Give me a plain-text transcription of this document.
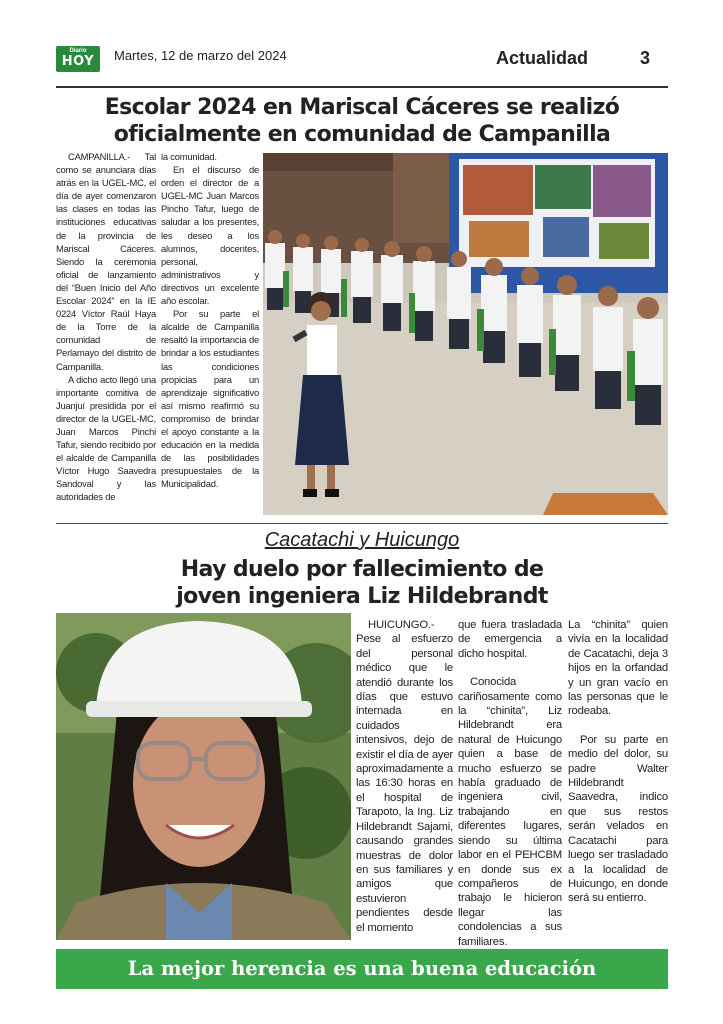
Diario
HOY	Martes, 12 de marzo del 2024	Actualidad	3
Escolar 2024 en Mariscal Cáceres se realizó
oficialmente en comunidad de Campanilla

CAMPANILLA.- Tal como se anunciara días atrás en la UGEL-MC, el día de ayer comenzaron las clases en todas las instituciones educativas de la provincia de Mariscal Cáceres. Siendo la ceremonia oficial de lanzamiento del “Buen Inicio del Año Escolar 2024” en la IE 0224 Víctor Raúl Haya de la Torre de la comunidad de Perlamayo del distrito de Campanilla.

A dicho acto llegó una importante comitiva de Juanjuí presidida por el director de la UGEL-MC, Juan Marcos Pinchi Tafur, siendo recibido por el alcalde de Campanilla Víctor Hugo Saavedra Sandoval y las autoridades de

la comunidad.

En el discurso de orden el director de a UGEL-MC Juan Marcos Pincho Tafur, luego de saludar a los presentes, les deseo a los alumnos, docentes, personal, administrativos y directivos un excelente año escolar.

Por su parte el alcalde de Campanilla resaltó la importancia de brindar a los estudiantes las condiciones propicias para un aprendizaje significativo así mismo reafirmó su compromiso de brindar el apoyo constante a la educación en la medida de las posibilidades presupuestales de la Municipalidad.

Cacatachi y Huicungo
Hay duelo por fallecimiento de
joven ingeniera Liz Hildebrandt

HUICUNGO.- Pese al esfuerzo del personal médico que le atendió durante los días que estuvo internada en cuidados intensivos, dejo de existir el día de ayer aproximadamente a las 16:30 horas en el hospital de Tarapoto, la Ing. Liz Hildebrandt Sajami, causando grandes muestras de dolor en sus familiares y amigos que estuvieron pendientes desde el momento

que fuera trasladada de emergencia a dicho hospital.

Conocida cariñosamente como la “chinita”, Liz Hildebrandt era natural de Huicungo quien a base de mucho esfuerzo se había graduado de ingeniera civil, trabajando en diferentes lugares, siendo su última labor en el PEHCBM en donde sus ex compañeros de trabajo le hicieron llegar las condolencias a sus familiares.

La “chinita” quien vivía en la localidad de Cacatachi, deja 3 hijos en la orfandad y un gran vacío en las personas que le rodeaba.

Por su parte en medio del dolor, su padre Walter Hildebrandt Saavedra, indico que sus restos serán velados en Cacatachi para luego ser trasladado a la localidad de Huicungo, en donde será su entierro.

La mejor herencia es una buena educación
